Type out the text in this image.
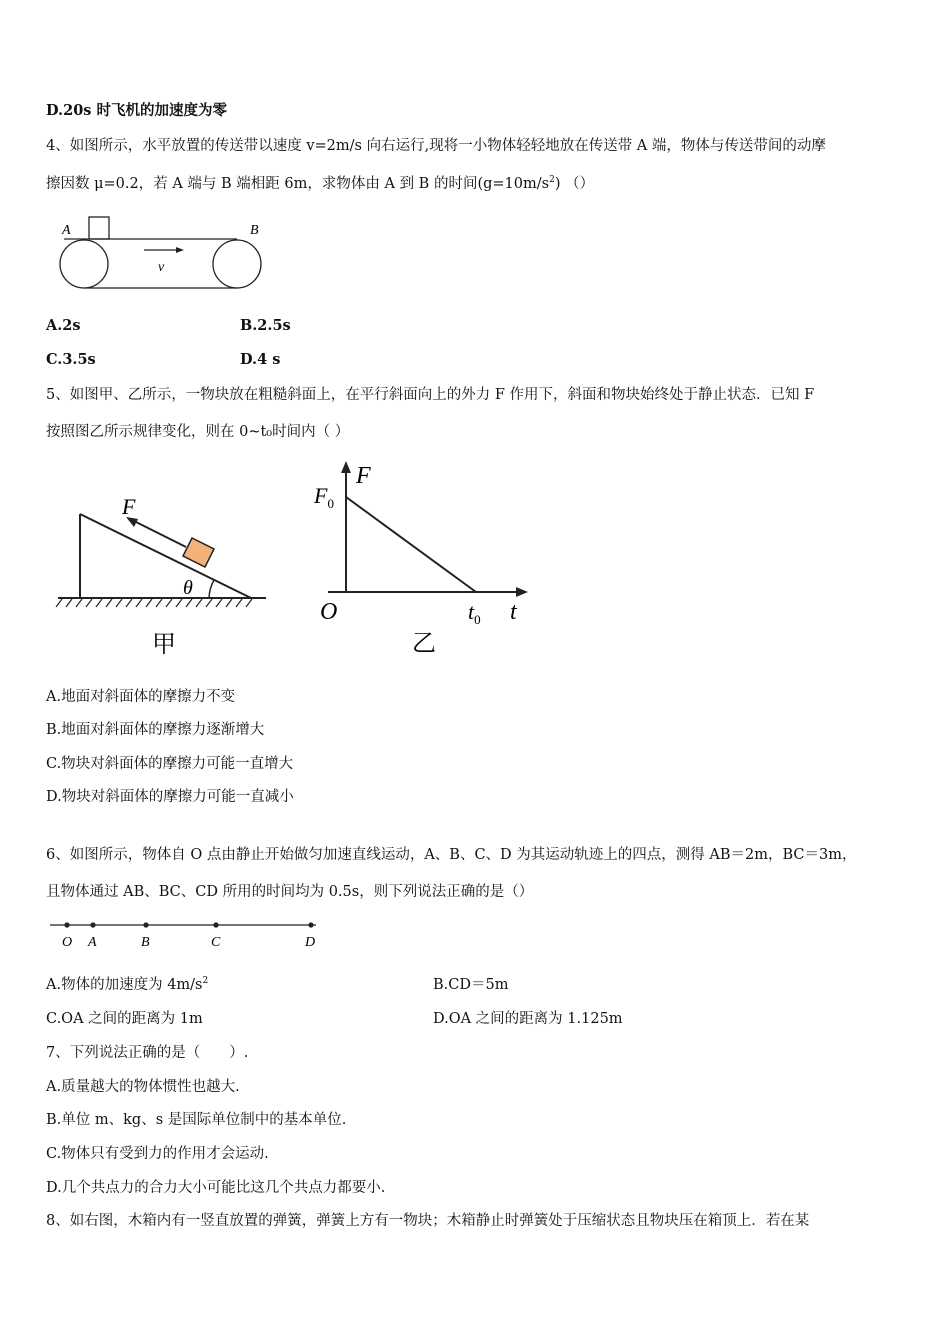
D.20s 时飞机的加速度为零
4、如图所示，水平放置的传送带以速度 v=2m/s 向右运行,现将一小物体轻轻地放在传送带 A 端，物体与传送带间的动摩
擦因数 μ=0.2，若 A 端与 B 端相距 6m，求物体由 A 到 B 的时间$(g=10m/s^2)$ （）
A	B
v
A.2s	B.2.5s
C.3.5s	D.4 s
5、如图甲、乙所示，一物块放在粗糙斜面上，在平行斜面向上的外力 F 作用下，斜面和物块始终处于静止状态．已知 F
按照图乙所示规律变化，则在 0~t₀时间内（ ）
F
θ
甲
F
$F_0$
O	$t_0$ t
乙
A.地面对斜面体的摩擦力不变
B.地面对斜面体的摩擦力逐渐增大
C.物块对斜面体的摩擦力可能一直增大
D.物块对斜面体的摩擦力可能一直减小
6、如图所示，物体自 O 点由静止开始做匀加速直线运动，A、B、C、D 为其运动轨迹上的四点，测得 AB＝2m，BC＝3m，
且物体通过 AB、BC、CD 所用的时间均为 0.5s，则下列说法正确的是（）
O A	B	C	D
A.物体的加速度为 $4m/s^2$	B.CD＝5m
C.OA 之间的距离为 1m	D.OA 之间的距离为 1.125m
7、下列说法正确的是（　　）.
A.质量越大的物体惯性也越大.
B.单位 m、kg、s 是国际单位制中的基本单位.
C.物体只有受到力的作用才会运动.
D.几个共点力的合力大小可能比这几个共点力都要小.
8、如右图，木箱内有一竖直放置的弹簧，弹簧上方有一物块；木箱静止时弹簧处于压缩状态且物块压在箱顶上．若在某
